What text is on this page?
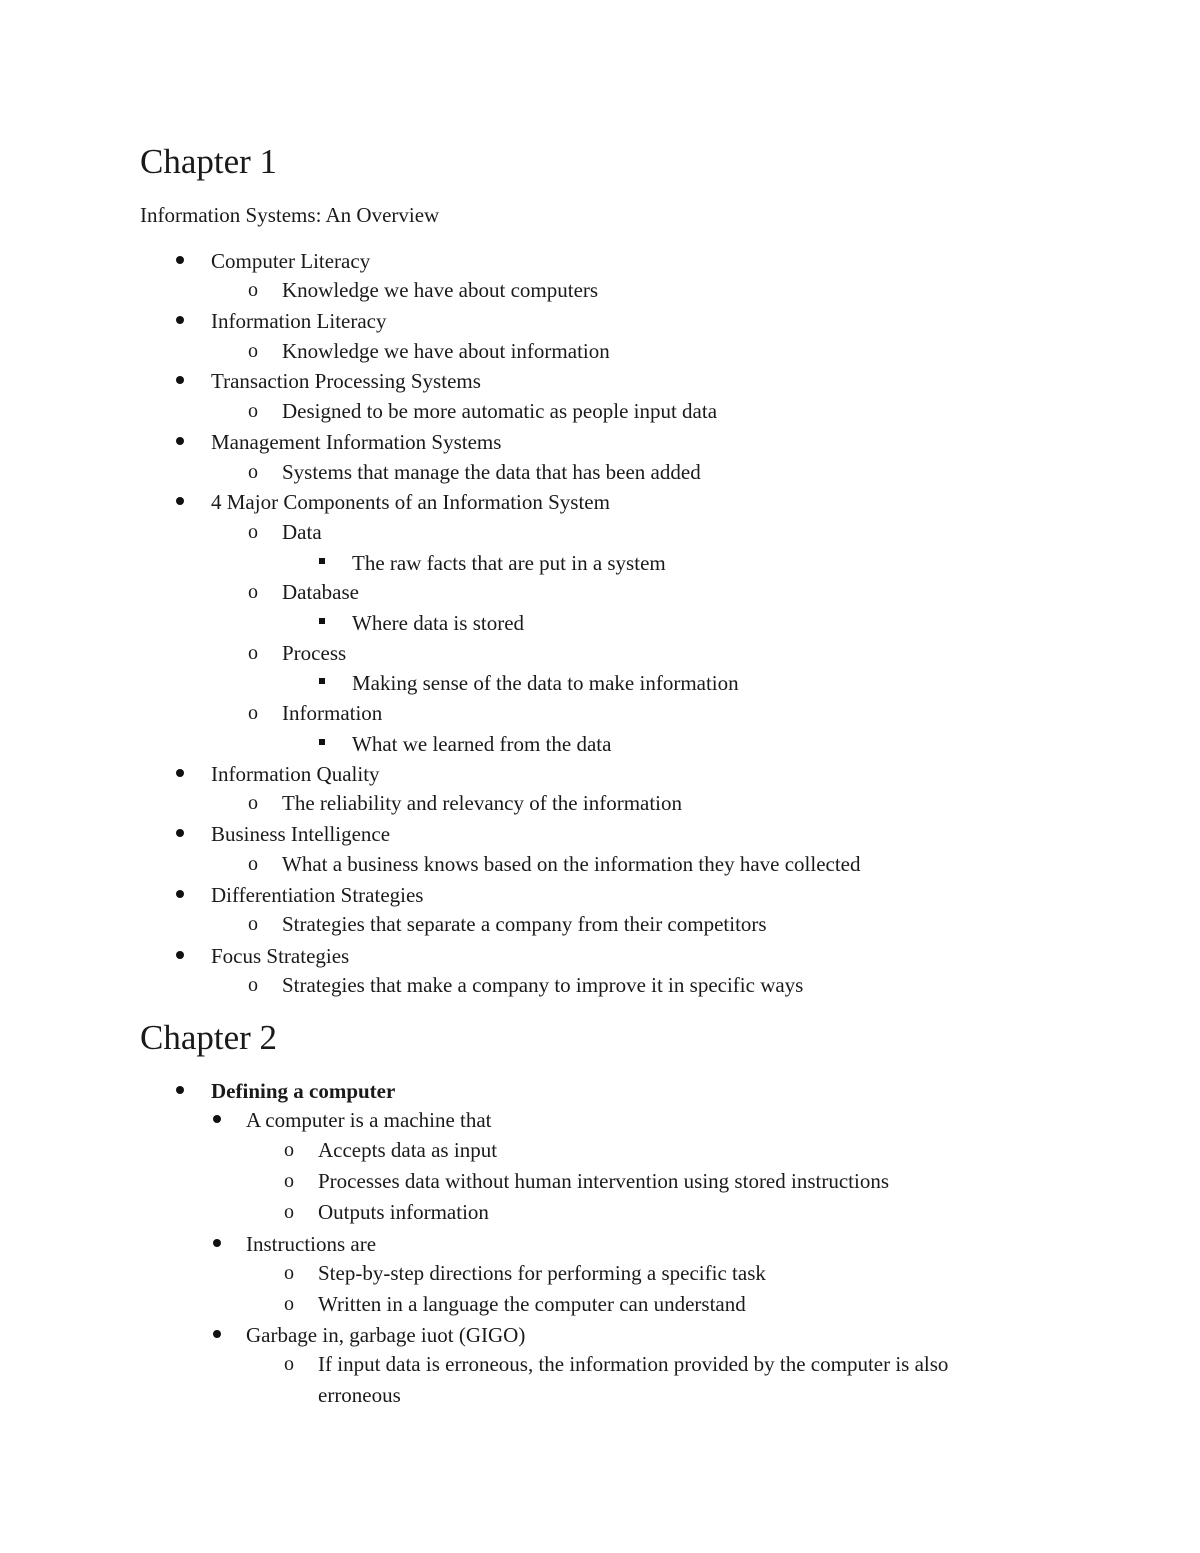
Chapter 1

Information Systems: An Overview

Computer Literacy
o Knowledge we have about computers
Information Literacy
o Knowledge we have about information
Transaction Processing Systems
o Designed to be more automatic as people input data
Management Information Systems
o Systems that manage the data that has been added
4 Major Components of an Information System
o Data
The raw facts that are put in a system
o Database
Where data is stored
o Process
Making sense of the data to make information
o Information
What we learned from the data
Information Quality
o The reliability and relevancy of the information
Business Intelligence
o What a business knows based on the information they have collected
Differentiation Strategies
o Strategies that separate a company from their competitors
Focus Strategies
o Strategies that make a company to improve it in specific ways
Chapter 2
Defining a computer
A computer is a machine that
o Accepts data as input
o Processes data without human intervention using stored instructions
o Outputs information
Instructions are
o Step-by-step directions for performing a specific task
o Written in a language the computer can understand
Garbage in, garbage iuot (GIGO)
o If input data is erroneous, the information provided by the computer is also
erroneous
